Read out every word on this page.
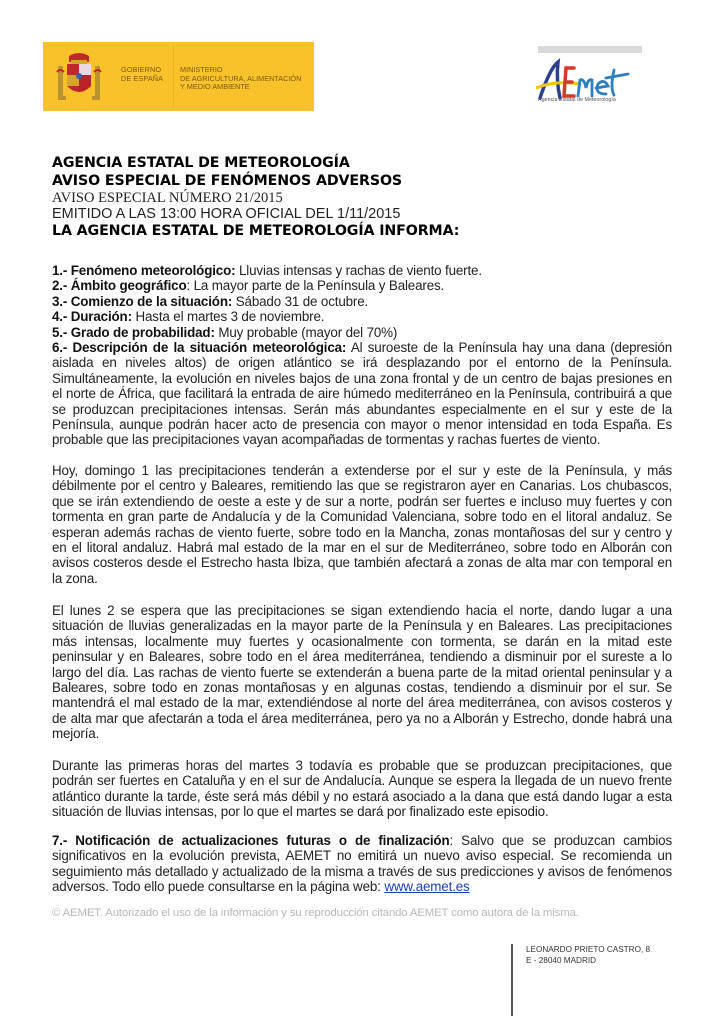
GOBIERNO
DE ESPAÑA
MINISTERIO
DE AGRICULTURA, ALIMENTACIÓN
Y MEDIO AMBIENTE
Agencia Estatal de Meteorología
AGENCIA ESTATAL DE METEOROLOGÍA
AVISO ESPECIAL DE FENÓMENOS ADVERSOS
AVISO ESPECIAL NÚMERO 21/2015
EMITIDO A LAS 13:00 HORA OFICIAL DEL 1/11/2015
LA AGENCIA ESTATAL DE METEOROLOGÍA INFORMA:
1.- Fenómeno meteorológico: Lluvias intensas y rachas de viento fuerte.
2.- Ámbito geográfico: La mayor parte de la Península y Baleares.
3.- Comienzo de la situación: Sábado 31 de octubre.
4.- Duración: Hasta el martes 3 de noviembre.
5.- Grado de probabilidad: Muy probable (mayor del 70%)
6.- Descripción de la situación meteorológica: Al suroeste de la Península hay una dana (depresión aislada en niveles altos) de origen atlántico se irá desplazando por el entorno de la Península. Simultáneamente, la evolución en niveles bajos de una zona frontal y de un centro de bajas presiones en el norte de África, que facilitará la entrada de aire húmedo mediterráneo en la Península, contribuirá a que se produzcan precipitaciones intensas. Serán más abundantes especialmente en el sur y este de la Península, aunque podrán hacer acto de presencia con mayor o menor intensidad en toda España. Es probable que las precipitaciones vayan acompañadas de tormentas y rachas fuertes de viento.
Hoy, domingo 1 las precipitaciones tenderán a extenderse por el sur y este de la Península, y más débilmente por el centro y Baleares, remitiendo las que se registraron ayer en Canarias. Los chubascos, que se irán extendiendo de oeste a este y de sur a norte, podrán ser fuertes e incluso muy fuertes y con tormenta en gran parte de Andalucía y de la Comunidad Valenciana, sobre todo en el litoral andaluz. Se esperan además rachas de viento fuerte, sobre todo en la Mancha, zonas montañosas del sur y centro y en el litoral andaluz. Habrá mal estado de la mar en el sur de Mediterráneo, sobre todo en Alborán con avisos costeros desde el Estrecho hasta Ibiza, que también afectará a zonas de alta mar con temporal en la zona.
El lunes 2 se espera que las precipitaciones se sigan extendiendo hacia el norte, dando lugar a una situación de lluvias generalizadas en la mayor parte de la Península y en Baleares. Las precipitaciones más intensas, localmente muy fuertes y ocasionalmente con tormenta, se darán en la mitad este peninsular y en Baleares, sobre todo en el área mediterránea, tendiendo a disminuir por el sureste a lo largo del día. Las rachas de viento fuerte se extenderán a buena parte de la mitad oriental peninsular y a Baleares, sobre todo en zonas montañosas y en algunas costas, tendiendo a disminuir por el sur. Se mantendrá el mal estado de la mar, extendiéndose al norte del área mediterránea, con avisos costeros y de alta mar que afectarán a toda el área mediterránea, pero ya no a Alborán y Estrecho, donde habrá una mejoría.
Durante las primeras horas del martes 3 todavía es probable que se produzcan precipitaciones, que podrán ser fuertes en Cataluña y en el sur de Andalucía. Aunque se espera la llegada de un nuevo frente atlántico durante la tarde, éste será más débil y no estará asociado a la dana que está dando lugar a esta situación de lluvias intensas, por lo que el martes se dará por finalizado este episodio.
7.- Notificación de actualizaciones futuras o de finalización: Salvo que se produzcan cambios significativos en la evolución prevista, AEMET no emitirá un nuevo aviso especial. Se recomienda un seguimiento más detallado y actualizado de la misma a través de sus predicciones y avisos de fenómenos adversos. Todo ello puede consultarse en la página web: www.aemet.es
© AEMET. Autorizado el uso de la información y su reproducción citando AEMET como autora de la misma.
LEONARDO PRIETO CASTRO, 8
E - 28040 MADRID
